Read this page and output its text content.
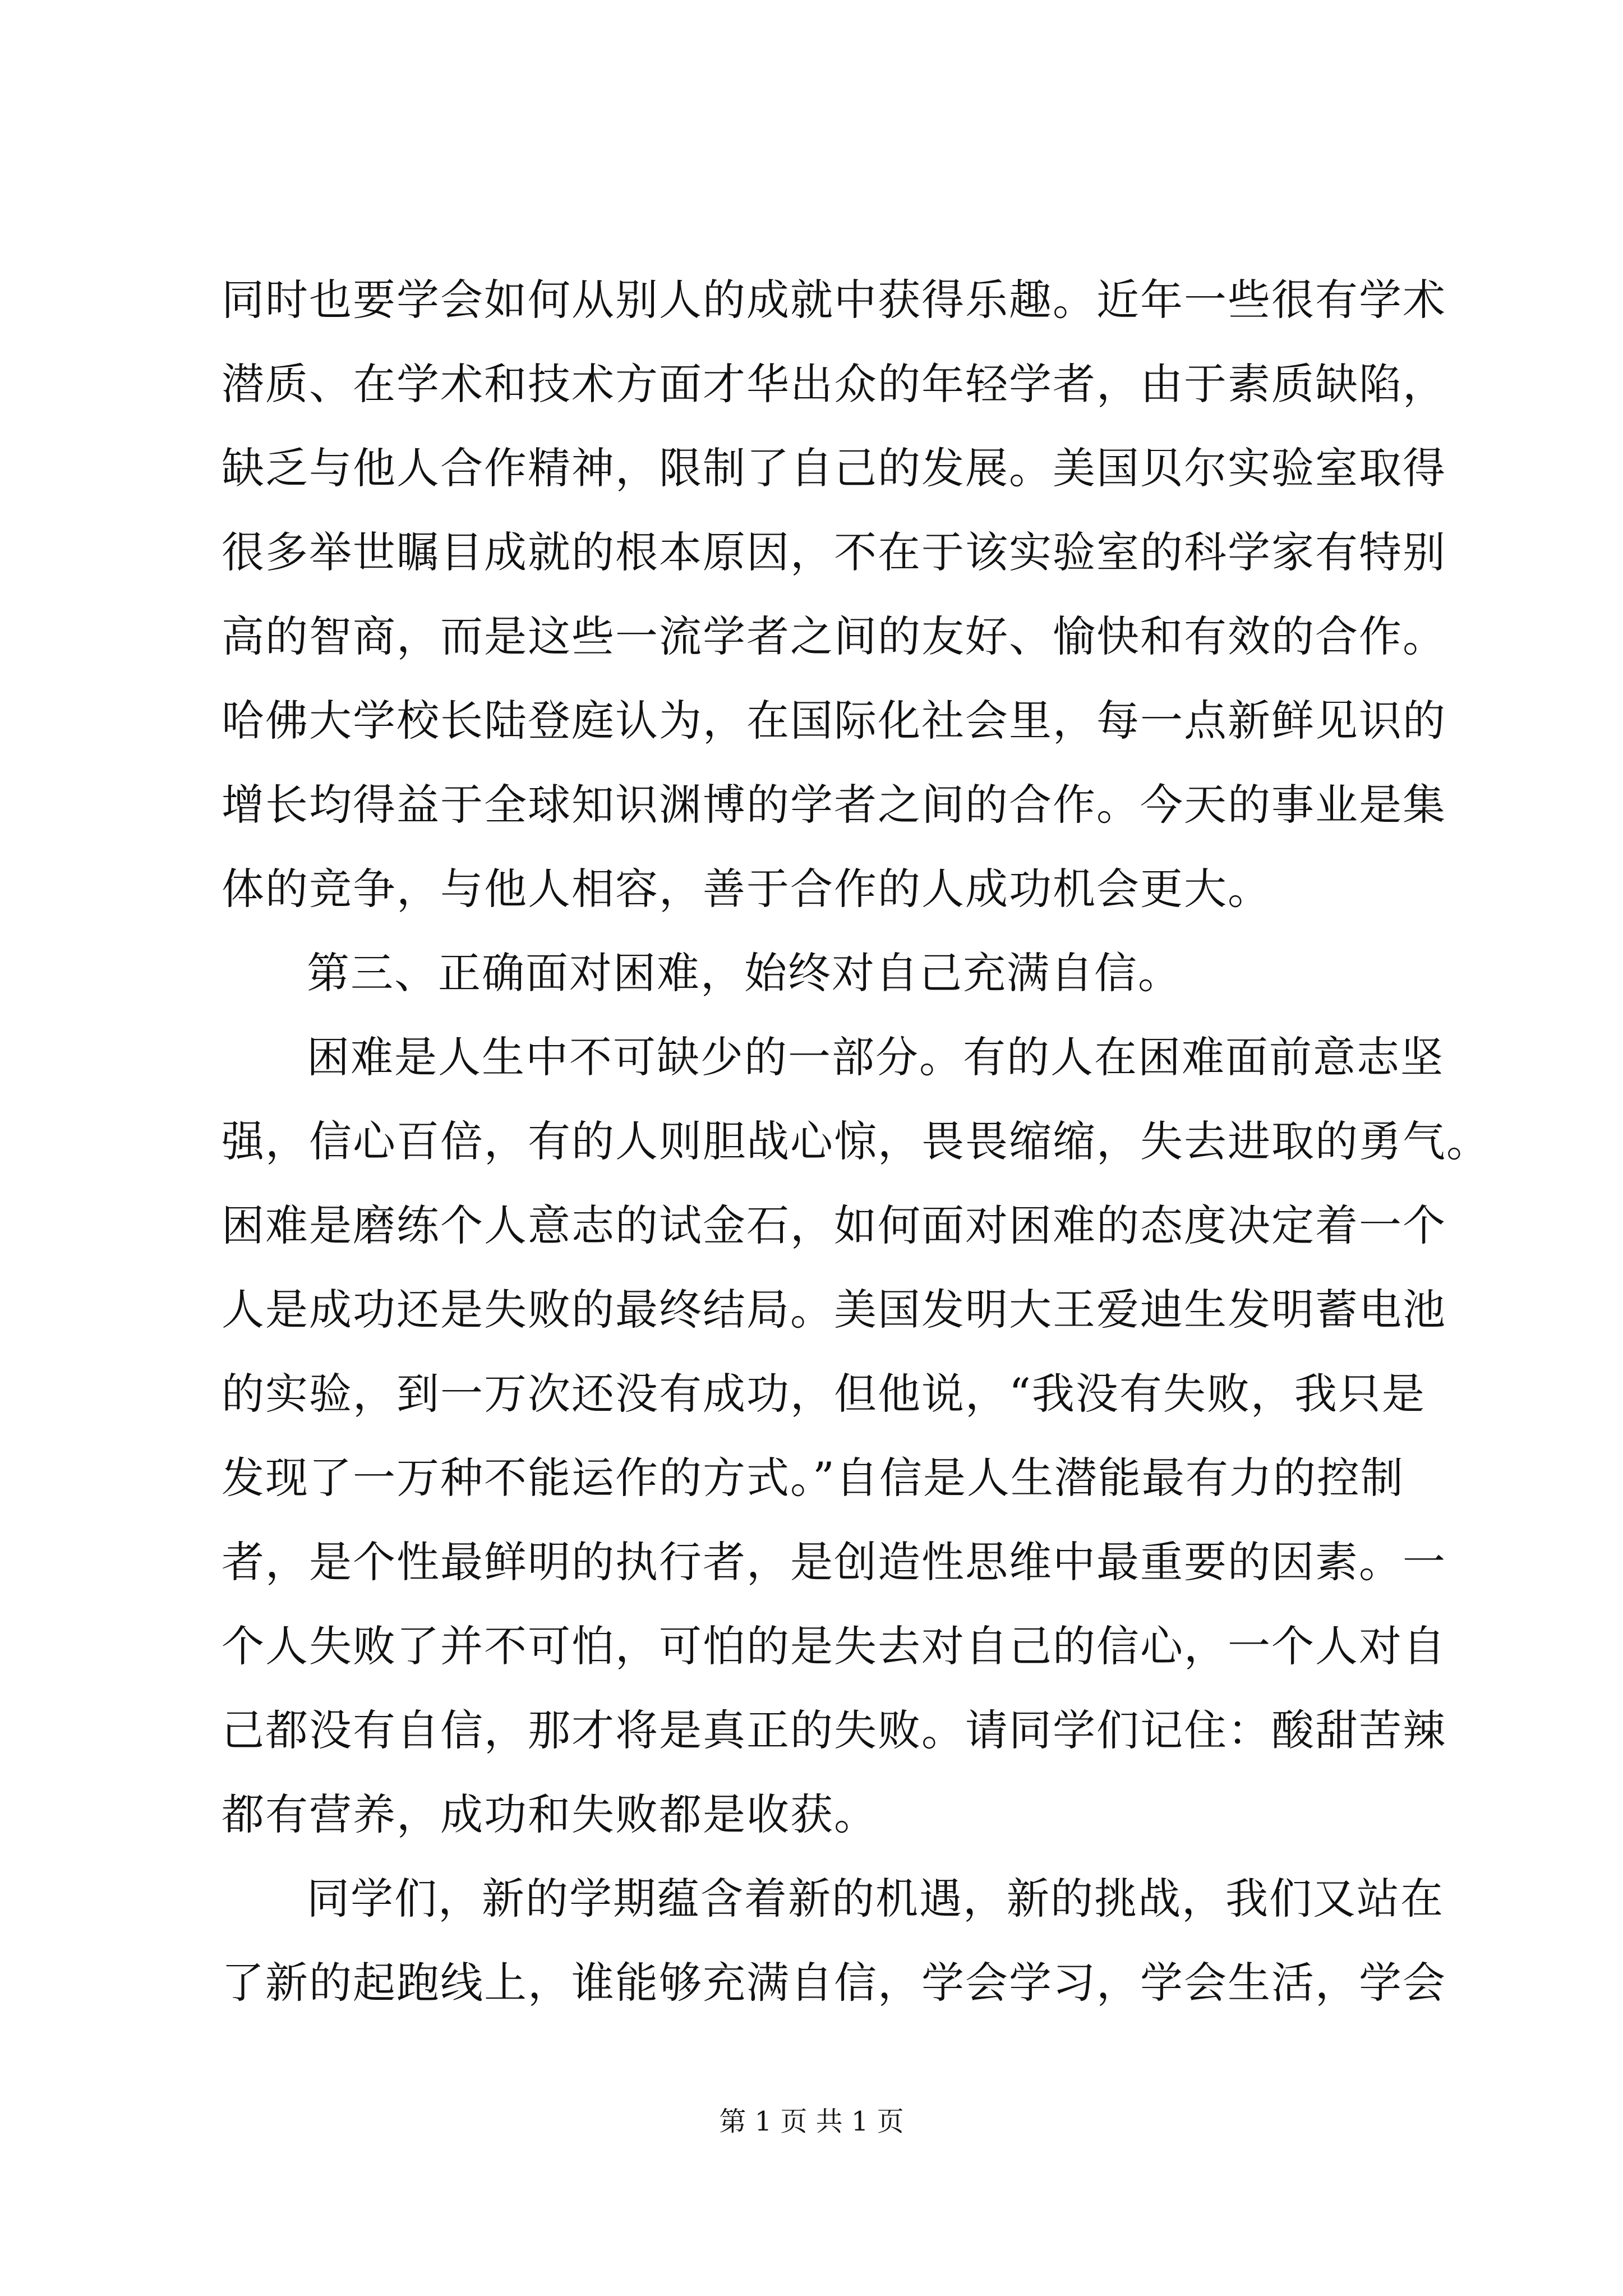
同时也要学会如何从别人的成就中获得乐趣。近年一些很有学术
潜质、在学术和技术方面才华出众的年轻学者，由于素质缺陷，
缺乏与他人合作精神，限制了自己的发展。美国贝尔实验室取得
很多举世瞩目成就的根本原因，不在于该实验室的科学家有特别
高的智商，而是这些一流学者之间的友好、愉快和有效的合作。
哈佛大学校长陆登庭认为，在国际化社会里，每一点新鲜见识的
增长均得益于全球知识渊博的学者之间的合作。今天的事业是集
体的竞争，与他人相容，善于合作的人成功机会更大。
第三、正确面对困难，始终对自己充满自信。
困难是人生中不可缺少的一部分。有的人在困难面前意志坚
强，信心百倍，有的人则胆战心惊，畏畏缩缩，失去进取的勇气。
困难是磨练个人意志的试金石，如何面对困难的态度决定着一个
人是成功还是失败的最终结局。美国发明大王爱迪生发明蓄电池
的实验，到一万次还没有成功，但他说，“我没有失败，我只是
发现了一万种不能运作的方式。”自信是人生潜能最有力的控制
者，是个性最鲜明的执行者，是创造性思维中最重要的因素。一
个人失败了并不可怕，可怕的是失去对自己的信心，一个人对自
己都没有自信，那才将是真正的失败。请同学们记住：酸甜苦辣
都有营养，成功和失败都是收获。
同学们，新的学期蕴含着新的机遇，新的挑战，我们又站在
了新的起跑线上，谁能够充满自信，学会学习，学会生活，学会
第 1 页 共 1 页
